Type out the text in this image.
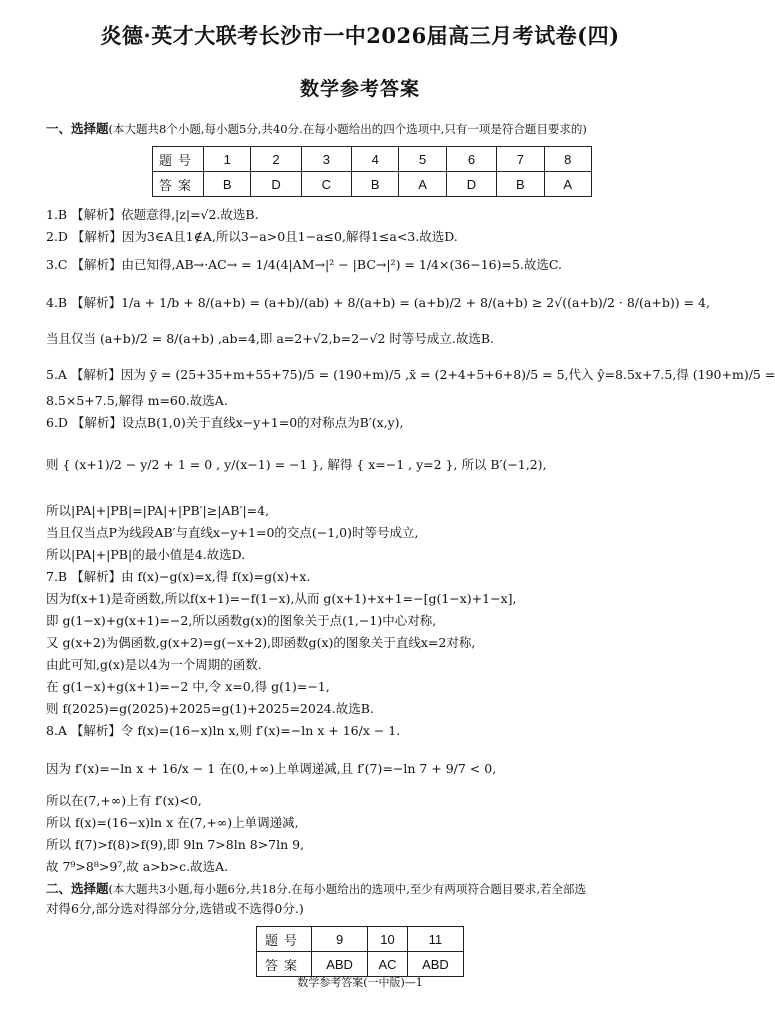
炎德·英才大联考长沙市一中2026届高三月考试卷(四)
数学参考答案
一、选择题(本大题共8个小题,每小题5分,共40分.在每小题给出的四个选项中,只有一项是符合题目要求的)
题号	1	2	3	4	5	6	7	8
答案	B	D	C	B	A	D	B	A
1.B 【解析】依题意得,|z|=√2.故选B.
2.D 【解析】因为3∈A且1∉A,所以3−a>0且1−a≤0,解得1≤a<3.故选D.
3.C 【解析】由已知得,AB→·AC→ = 1/4(4|AM→|² − |BC→|²) = 1/4×(36−16)=5.故选C.
4.B 【解析】1/a + 1/b + 8/(a+b) = (a+b)/(ab) + 8/(a+b) = (a+b)/2 + 8/(a+b) ≥ 2√((a+b)/2 · 8/(a+b)) = 4,
当且仅当 (a+b)/2 = 8/(a+b) ,ab=4,即 a=2+√2,b=2−√2 时等号成立.故选B.
5.A 【解析】因为 ȳ = (25+35+m+55+75)/5 = (190+m)/5 ,x̄ = (2+4+5+6+8)/5 = 5,代入 ŷ=8.5x+7.5,得 (190+m)/5 =
8.5×5+7.5,解得 m=60.故选A.
6.D 【解析】设点B(1,0)关于直线x−y+1=0的对称点为B′(x,y),
则 { (x+1)/2 − y/2 + 1 = 0 , y/(x−1) = −1 }, 解得 { x=−1 , y=2 }, 所以 B′(−1,2),
所以|PA|+|PB|=|PA|+|PB′|≥|AB′|=4,
当且仅当点P为线段AB′与直线x−y+1=0的交点(−1,0)时等号成立,
所以|PA|+|PB|的最小值是4.故选D.
7.B 【解析】由 f(x)−g(x)=x,得 f(x)=g(x)+x.
因为f(x+1)是奇函数,所以f(x+1)=−f(1−x),从而 g(x+1)+x+1=−[g(1−x)+1−x],
即 g(1−x)+g(x+1)=−2,所以函数g(x)的图象关于点(1,−1)中心对称,
又 g(x+2)为偶函数,g(x+2)=g(−x+2),即函数g(x)的图象关于直线x=2对称,
由此可知,g(x)是以4为一个周期的函数.
在 g(1−x)+g(x+1)=−2 中,令 x=0,得 g(1)=−1,
则 f(2025)=g(2025)+2025=g(1)+2025=2024.故选B.
8.A 【解析】令 f(x)=(16−x)ln x,则 f′(x)=−ln x + 16/x − 1.
因为 f′(x)=−ln x + 16/x − 1 在(0,+∞)上单调递减,且 f′(7)=−ln 7 + 9/7 < 0,
所以在(7,+∞)上有 f′(x)<0,
所以 f(x)=(16−x)ln x 在(7,+∞)上单调递减,
所以 f(7)>f(8)>f(9),即 9ln 7>8ln 8>7ln 9,
故 7⁹>8⁸>9⁷,故 a>b>c.故选A.
二、选择题(本大题共3小题,每小题6分,共18分.在每小题给出的选项中,至少有两项符合题目要求,若全部选
对得6分,部分选对得部分分,选错或不选得0分.)
题号	9	10	11
答案	ABD	AC	ABD
数学参考答案(一中版)—1
